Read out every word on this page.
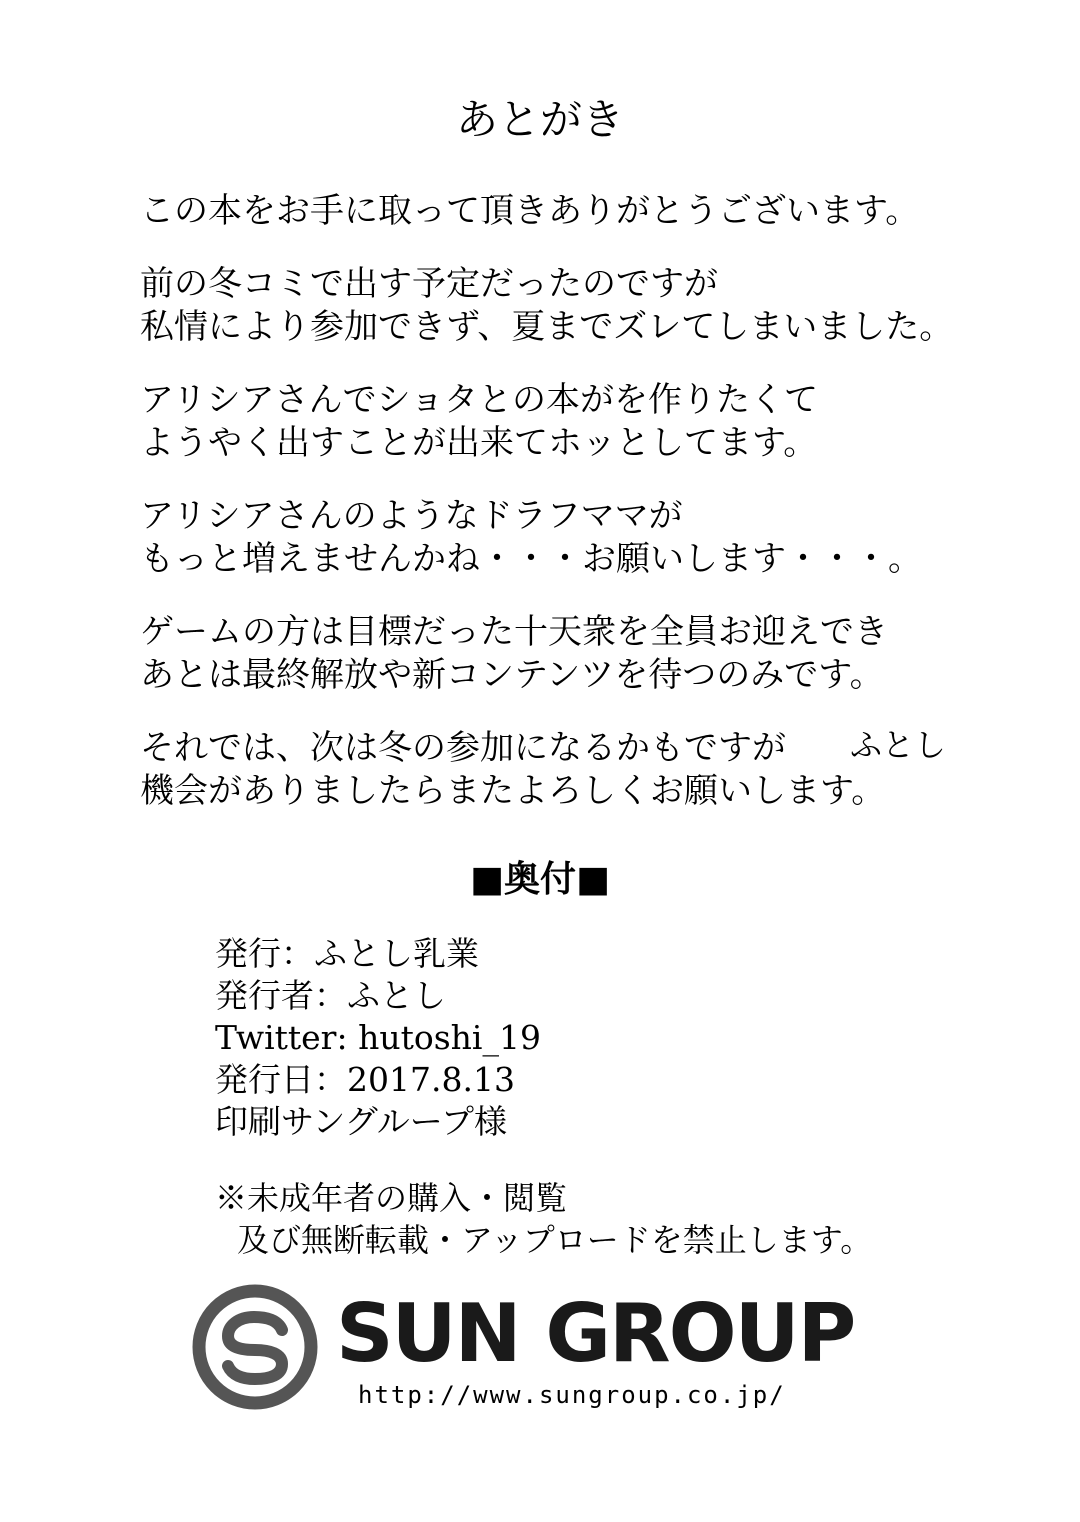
あとがき
この本をお手に取って頂きありがとうございます。
前の冬コミで出す予定だったのですが
私情により参加できず、夏までズレてしまいました。
アリシアさんでショタとの本がを作りたくて
ようやく出すことが出来てホッとしてます。
アリシアさんのようなドラフママが
もっと増えませんかね・・・お願いします・・・。
ゲームの方は目標だった十天衆を全員お迎えでき
あとは最終解放や新コンテンツを待つのみです。
それでは、次は冬の参加になるかもですが
機会がありましたらまたよろしくお願いします。
ふとし
■奥付■
発行：ふとし乳業
発行者：ふとし
Twitter: hutoshi_19
発行日：2017.8.13
印刷サングループ様
※未成年者の購入・閲覧
及び無断転載・アップロードを禁止します。
SUN GROUP
http://www.sungroup.co.jp/
